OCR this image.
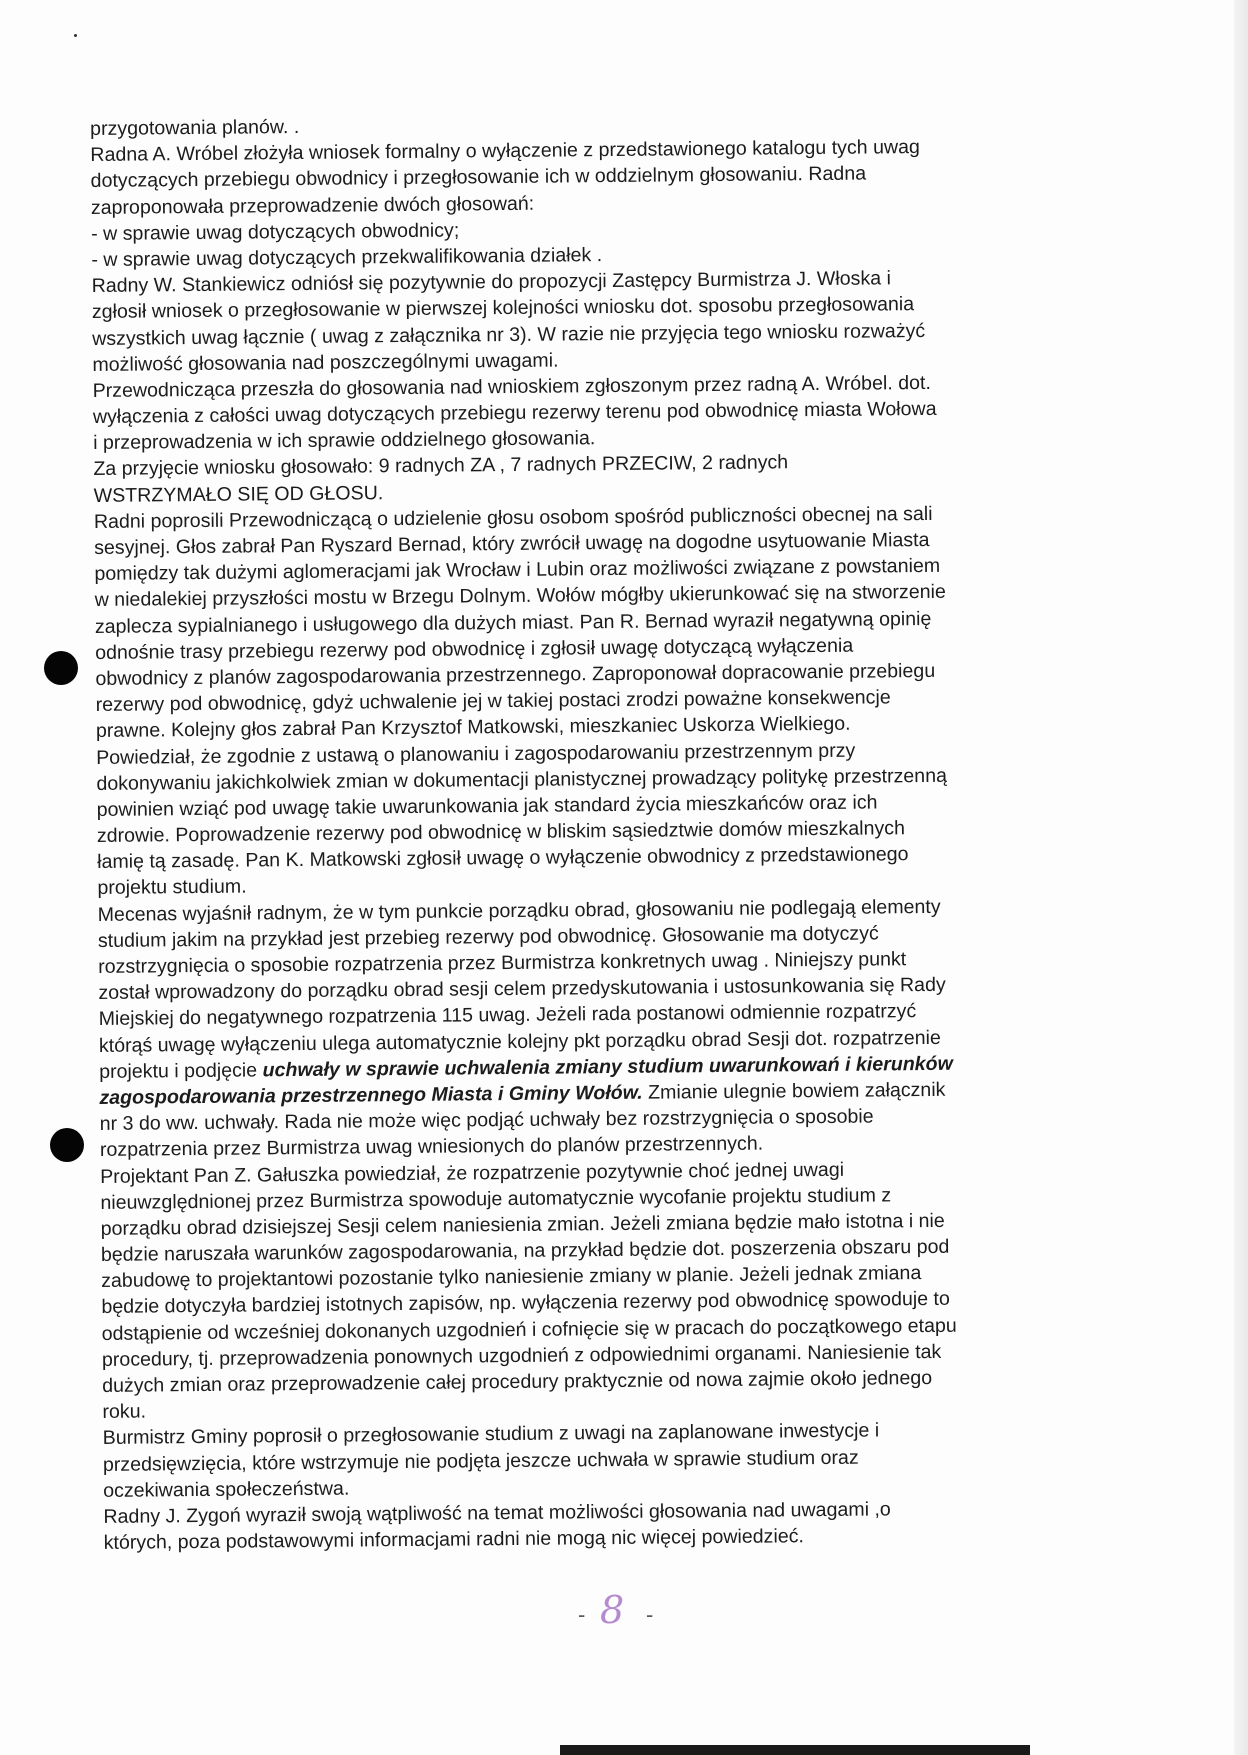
przygotowania planów. .
Radna A. Wróbel złożyła wniosek formalny o wyłączenie z przedstawionego katalogu tych uwag
dotyczących przebiegu obwodnicy i przegłosowanie ich w oddzielnym głosowaniu. Radna
zaproponowała przeprowadzenie dwóch głosowań:
- w sprawie uwag dotyczących obwodnicy;
- w sprawie uwag dotyczących przekwalifikowania działek .
Radny W. Stankiewicz odniósł się pozytywnie do propozycji Zastępcy Burmistrza J. Włoska i
zgłosił wniosek o przegłosowanie w pierwszej kolejności wniosku dot. sposobu przegłosowania
wszystkich uwag łącznie ( uwag z załącznika nr 3). W razie nie przyjęcia tego wniosku rozważyć
możliwość głosowania nad poszczególnymi uwagami.
Przewodnicząca przeszła do głosowania nad wnioskiem zgłoszonym przez radną A. Wróbel. dot.
wyłączenia z całości uwag dotyczących przebiegu rezerwy terenu pod obwodnicę miasta Wołowa
i przeprowadzenia w ich sprawie oddzielnego głosowania.
Za przyjęcie wniosku głosowało: 9 radnych ZA , 7 radnych PRZECIW, 2 radnych
WSTRZYMAŁO SIĘ OD GŁOSU.
Radni poprosili Przewodniczącą o udzielenie głosu osobom spośród publiczności obecnej na sali
sesyjnej. Głos zabrał Pan Ryszard Bernad, który zwrócił uwagę na dogodne usytuowanie Miasta
pomiędzy tak dużymi aglomeracjami jak Wrocław i Lubin oraz możliwości związane z powstaniem
w niedalekiej przyszłości mostu w Brzegu Dolnym. Wołów mógłby ukierunkować się na stworzenie
zaplecza sypialnianego i usługowego dla dużych miast. Pan R. Bernad wyraził negatywną opinię
odnośnie trasy przebiegu rezerwy pod obwodnicę i zgłosił uwagę dotyczącą wyłączenia
obwodnicy z planów zagospodarowania przestrzennego. Zaproponował dopracowanie przebiegu
rezerwy pod obwodnicę, gdyż uchwalenie jej w takiej postaci zrodzi poważne konsekwencje
prawne. Kolejny głos zabrał Pan Krzysztof Matkowski, mieszkaniec Uskorza Wielkiego.
Powiedział, że zgodnie z ustawą o planowaniu i zagospodarowaniu przestrzennym przy
dokonywaniu jakichkolwiek zmian w dokumentacji planistycznej prowadzący politykę przestrzenną
powinien wziąć pod uwagę takie uwarunkowania jak standard życia mieszkańców oraz ich
zdrowie. Poprowadzenie rezerwy pod obwodnicę w bliskim sąsiedztwie domów mieszkalnych
łamię tą zasadę. Pan K. Matkowski zgłosił uwagę o wyłączenie obwodnicy z przedstawionego
projektu studium.
Mecenas wyjaśnił radnym, że w tym punkcie porządku obrad, głosowaniu nie podlegają elementy
studium jakim na przykład jest przebieg rezerwy pod obwodnicę. Głosowanie ma dotyczyć
rozstrzygnięcia o sposobie rozpatrzenia przez Burmistrza konkretnych uwag . Niniejszy punkt
został wprowadzony do porządku obrad sesji celem przedyskutowania i ustosunkowania się Rady
Miejskiej do negatywnego rozpatrzenia 115 uwag. Jeżeli rada postanowi odmiennie rozpatrzyć
którąś uwagę wyłączeniu ulega automatycznie kolejny pkt porządku obrad Sesji dot. rozpatrzenie
projektu i podjęcie uchwały w sprawie uchwalenia zmiany studium uwarunkowań i kierunków
zagospodarowania przestrzennego Miasta i Gminy Wołów. Zmianie ulegnie bowiem załącznik
nr 3 do ww. uchwały. Rada nie może więc podjąć uchwały bez rozstrzygnięcia o sposobie
rozpatrzenia przez Burmistrza uwag wniesionych do planów przestrzennych.
Projektant Pan Z. Gałuszka powiedział, że rozpatrzenie pozytywnie choć jednej uwagi
nieuwzględnionej przez Burmistrza spowoduje automatycznie wycofanie projektu studium z
porządku obrad dzisiejszej Sesji celem naniesienia zmian. Jeżeli zmiana będzie mało istotna i nie
będzie naruszała warunków zagospodarowania, na przykład będzie dot. poszerzenia obszaru pod
zabudowę to projektantowi pozostanie tylko naniesienie zmiany w planie. Jeżeli jednak zmiana
będzie dotyczyła bardziej istotnych zapisów, np. wyłączenia rezerwy pod obwodnicę spowoduje to
odstąpienie od wcześniej dokonanych uzgodnień i cofnięcie się w pracach do początkowego etapu
procedury, tj. przeprowadzenia ponownych uzgodnień z odpowiednimi organami. Naniesienie tak
dużych zmian oraz przeprowadzenie całej procedury praktycznie od nowa zajmie około jednego
roku.
Burmistrz Gminy poprosił o przegłosowanie studium z uwagi na zaplanowane inwestycje i
przedsięwzięcia, które wstrzymuje nie podjęta jeszcze uchwała w sprawie studium oraz
oczekiwania społeczeństwa.
Radny J. Zygoń wyraził swoją wątpliwość na temat możliwości głosowania nad uwagami ,o
których, poza podstawowymi informacjami radni nie mogą nic więcej powiedzieć.
- 8 -
